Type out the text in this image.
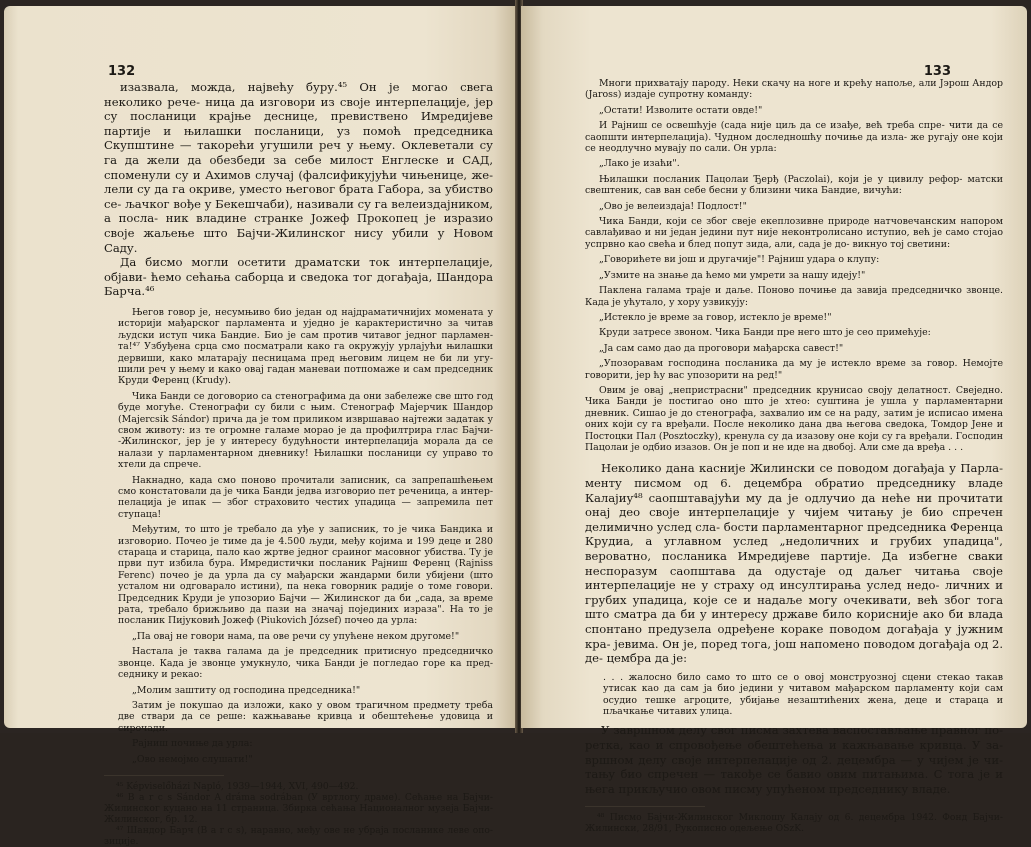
132

изазвала, можда, највећу буру.⁴⁵ Он је могао свега неколико рече- ница да изговори из своје интерпелације, јер су посланици крајње деснице, превиствено Имредијеве партије и њилашки посланици, уз помоћ председника Скупштине — такорећи угушили реч у њему. Оклеветали су га да жели да обезбеди за себе милост Енглеске и САД, споменули су и Ахимов случај (фалсификујући чињенице, же- лели су да га окриве, уместо његовог брата Габора, за убиство се- љачког вође у Бекешчаби), називали су га велеиздајником, а посла- ник владине странке Јожеф Прокопец је изразио своје жаљење што Бајчи-Жилинског нису убили у Новом Саду.

Да бисмо могли осетити драматски ток интерпелације, објави- ћемо сећања саборца и сведока тог догађаја, Шандора Барча.⁴⁶

Његов говор је, несумњиво био један од најдраматичнијих момената у историји мађарског парламента и уједно је карактеристично за читав људски иступ чика Бандие. Био је сам против читавог једног парламен- та!⁴⁷ Узбуђена срца смо посматрали како га окружују урлајући њилашки дервиши, како млатарају песницама пред његовим лицем не би ли угу- шили реч у њему и како овај гадан маневаи потпомаже и сам председник Круди Ференц (Krudy).

Чика Банди се договорио са стенографима да они забележе све што год буде могуће. Стенографи су били с њим. Стенограф Мајерчик Шандор (Majercsik Sándor) прича да је том приликом извршавао најтежи задатак у свом животу: из те огромне галаме морао је да профилтрира глас Бајчи- -Жилинског, јер је у интересу будућности интерпелација морала да се налази у парламентарном дневнику! Њилашки посланици су управо то хтели да спрече.

Накнадно, када смо поново прочитали записник, са запрепашћењем смо констатовали да је чика Банди једва изговорио пет реченица, а интер- пелација је ипак — због страховито честих упадица — запремила пет ступаца!

Међутим, то што је требало да уђе у записник, то је чика Бандика и изговорио. Почео је тиме да је 4.500 људи, међу којима и 199 деце и 280 стараца и старица, пало као жртве једног сраиног масовног убиства. Ту је први пут избила бура. Имредистички посланик Рајниш Ференц (Rajniss Ferenc) почео је да урла да су мађарски жандарми били убијени (што усталом ни одговарало истини), па нека говорник радије о томе говори. Председник Круди је упозорио Бајчи — Жилинског да би „сада, за време рата, требало брижљиво да пази на значај појединих израза". На то је посланик Пијуковић Јожеф (Piukovich József) почео да урла:

„Па овај не говори нама, па ове речи су упућене неком другоме!"

Настала је таква галама да је председник притиснуо председничко звонце. Када је звонце умукнуло, чика Банди је погледао горе ка пред- седнику и рекао:

„Молим заштиту од господина председника!"

Затим је покушао да изложи, како у овом трагичном предмету треба две ствари да се реше: кажњавање кривца и обештећење удовица и сирочади.

Рајниш почиње да урла:

„Ово немојмо слушати!"

⁴⁵ Képviselőházi Napló, 1939—1944, XVI, 490—492.

⁴⁶ B a r c s Sándor A dráma sodrában (У вртлогу драме). Сећање на Бајчи- Жилинског куцано на 11 страница. Збирка сећања Националног музеја Бајчи- Жилинског, бр. 12.

⁴⁷ Шандор Барч (B a r c s), наравно, међу ове не убраја посланике леве опо- зиције.

133

Многи прихватају пароду. Неки скачу на ноге и крећу напоље, али Јэрош Андор (Jaross) издаје супротну команду:

„Остати! Изволите остати овде!"

И Рајниш се освешћује (сада није циљ да се изађе, већ треба спре- чити да се саопшти интерпелација). Чудном доследношћу почиње да изла- же ругају оне који се неодлучно мувају по сали. Он урла:

„Лако је изаћи".

Њилашки посланик Пацолаи Ђерђ (Paczolai), који је у цивилу рефор- матски свештеник, сав ван себе бесни у близини чика Бандие, вичући:

„Ово је велеиздаја! Подлост!"

Чика Банди, који се због свеје екеплозивне природе натчовечанским напором савлађивао и ни један једини пут није неконтролисано иступио, већ је само стојао успрвно као свећа и блед попут зида, али, сада је до- викнуо тој светини:

„Говорићете ви још и другачије"! Рајниш удара о клупу:

„Узмите на знање да ћемо ми умрети за нашу идеју!"

Паклена галама траје и даље. Поново почиње да завија председничко звонце. Када је ућутало, у хору узвикују:

„Истекло је време за говор, истекло је време!"

Круди затресе звоном. Чика Банди пре него што је сео примећује:

„Ја сам само дао да проговори мађарска савест!"

„Упозоравам господина посланика да му је истекло време за говор. Немојте говорити, јер ћу вас упозорити на ред!"

Овим је овај „непристрасни" председник крунисао своју делатност. Свеједно. Чика Банди је постигао оно што је хтео: суштина је ушла у парламентарни дневник. Сишао је до стенографа, захвалио им се на раду, затим је исписао имена оних који су га вређали. После неколико дана два његова сведока, Томдор Јене и Постоцки Пал (Posztoczky), кренула су да изазову оне који су га вређали. Господин Пацолаи је одбио изазов. Он је поп и не иде на двобој. Али сме да вређа . . .

Неколико дана касније Жилински се поводом догађаја у Парла- менту писмом од 6. децембра обратио председнику владе Калајиу⁴⁸ саопштавајући му да је одлучио да неће ни прочитати онај део своје интерпелације у чијем читању је био спречен делимично услед сла- бости парламентарног председника Ференца Крудиа, а углавном услед „недоличних и грубих упадица", вероватно, посланика Имредијеве партије. Да избегне сваки неспоразум саопштава да одустаје од даљег читања своје интерпелације не у страху од инсултирања услед недо- личних и грубих упадица, које се и надаље могу очекивати, већ због тога што сматра да би у интересу државе било корисније ако би влада спонтано предузела одређене кораке поводом догађаја у јужним кра- јевима. Он је, поред тога, још напомено поводом догађаја од 2. де- цембра да је:

. . . жалосно било само то што се о овој монструозној сцени стекао такав утисак као да сам ја био једини у читавом мађарском парламенту који сам осудио тешке агроците, убијање незаштићених жена, деце и стараца и пљачкање читавих улица.

У завршном делу свог писма захтева васпостављање правног по- ретка, као и спровођење обештећења и кажњавање кривца. У за- вршном делу своје интерпелације од 2. децембра — у чијем је чи- тању био спречен — такође се бавио овим питањима. С тога је и њега прикључио овом писму упућеном председнику владе.

⁴⁸ Писмо Бајчи-Жилинског Миклошу Калају од 6. децембра 1942. Фонд Бајчи-Жилински, 28/91, Рукописно одељење OSzK.
